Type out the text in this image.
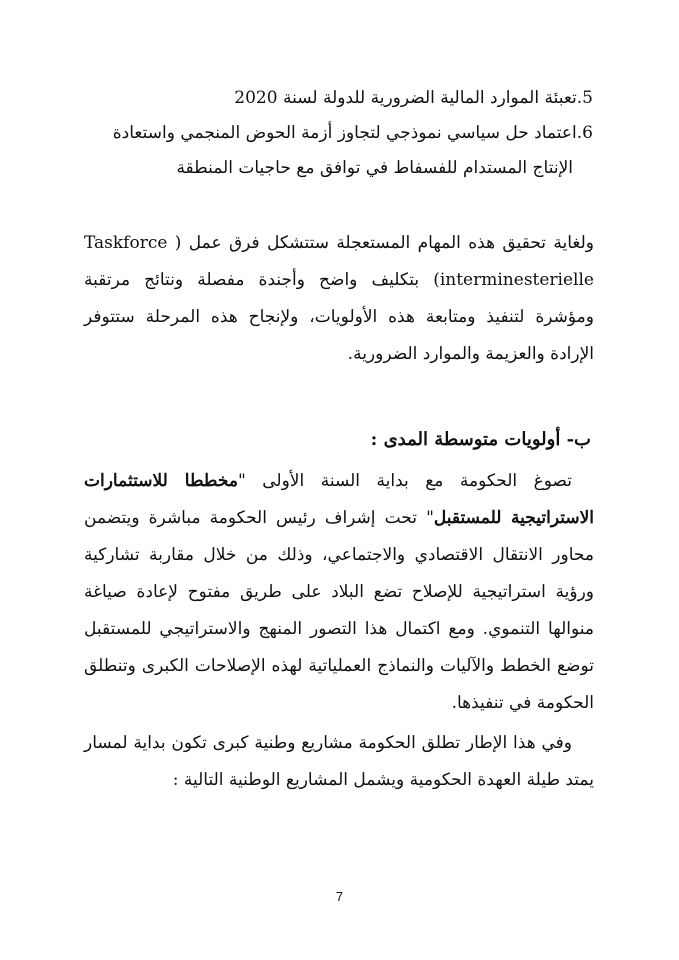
5.تعبئة الموارد المالية الضرورية للدولة لسنة 2020
6.اعتماد حل سياسي نموذجي لتجاوز أزمة الحوض المنجمي واستعادة
الإنتاج المستدام للفسفاط في توافق مع حاجيات المنطقة
ولغاية تحقيق هذه المهام المستعجلة ستتشكل فرق عمل ( Taskforce interminesterielle) بتكليف واضح وأجندة مفصلة ونتائج مرتقبة ومؤشرة لتنفيذ ومتابعة هذه الأولويات، ولإنجاح هذه المرحلة ستتوفر الإرادة والعزيمة والموارد الضرورية.
ب- أولويات متوسطة المدى :
تصوغ الحكومة مع بداية السنة الأولى "مخططا للاستثمارات الاستراتيجية للمستقبل" تحت إشراف رئيس الحكومة مباشرة ويتضمن محاور الانتقال الاقتصادي والاجتماعي، وذلك من خلال مقاربة تشاركية ورؤية استراتيجية للإصلاح تضع البلاد على طريق مفتوح لإعادة صياغة منوالها التنموي. ومع اكتمال هذا التصور المنهج والاستراتيجي للمستقبل توضع الخطط والآليات والنماذج العملياتية لهذه الإصلاحات الكبرى وتنطلق الحكومة في تنفيذها.
وفي هذا الإطار تطلق الحكومة مشاريع وطنية كبرى تكون بداية لمسار يمتد طيلة العهدة الحكومية ويشمل المشاريع الوطنية التالية :
7
